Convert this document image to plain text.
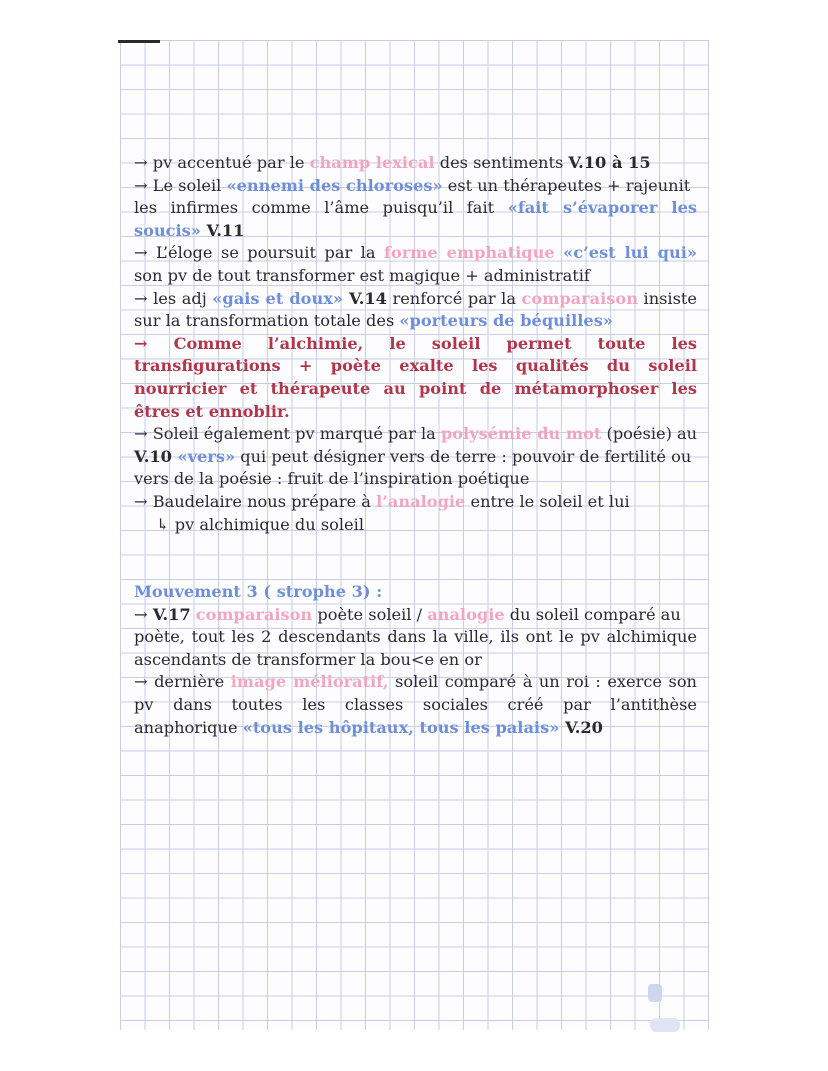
→ pv accentué par le champ lexical des sentiments V.10 à 15
→ Le soleil «ennemi des chloroses» est un thérapeutes + rajeunit
les infirmes comme l’âme puisqu’il fait «fait s’évaporer les
soucis» V.11
→ L’éloge se poursuit par la forme emphatique «c’est lui qui»
son pv de tout transformer est magique + administratif
→ les adj «gais et doux» V.14 renforcé par la comparaison insiste
sur la transformation totale des «porteurs de béquilles»
→ Comme l’alchimie, le soleil permet toute les
transfigurations + poète exalte les qualités du soleil
nourricier et thérapeute au point de métamorphoser les
êtres et ennoblir.
→ Soleil également pv marqué par la polysémie du mot (poésie) au
V.10 «vers» qui peut désigner vers de terre : pouvoir de fertilité ou
vers de la poésie : fruit de l’inspiration poétique
→ Baudelaire nous prépare à l’analogie entre le soleil et lui
↳ pv alchimique du soleil
Mouvement 3 ( strophe 3) :
→ V.17 comparaison poète soleil / analogie du soleil comparé au
poète, tout les 2 descendants dans la ville, ils ont le pv alchimique
ascendants de transformer la bou<e en or
→ dernière image mélioratif, soleil comparé à un roi : exerce son
pv dans toutes les classes sociales créé par l’antithèse
anaphorique «tous les hôpitaux, tous les palais» V.20
